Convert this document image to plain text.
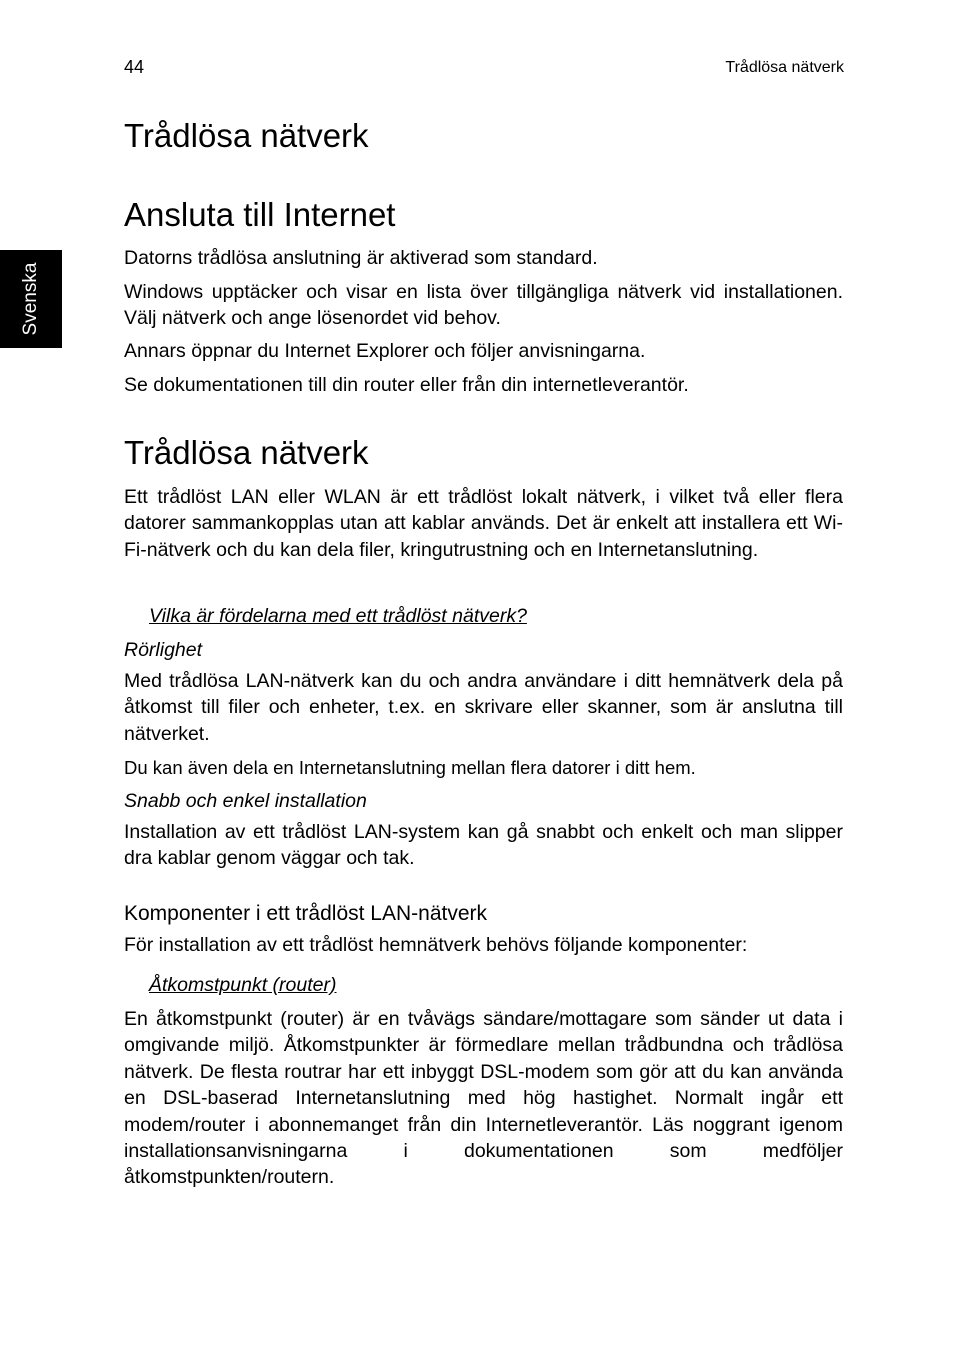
44	Trådlösa nätverk
Svenska
Trådlösa nätverk
Ansluta till Internet

Datorns trådlösa anslutning är aktiverad som standard.

Windows upptäcker och visar en lista över tillgängliga nätverk vid installationen. Välj nätverk och ange lösenordet vid behov.

Annars öppnar du Internet Explorer och följer anvisningarna.

Se dokumentationen till din router eller från din internetleverantör.

Trådlösa nätverk

Ett trådlöst LAN eller WLAN är ett trådlöst lokalt nätverk, i vilket två eller flera datorer sammankopplas utan att kablar används. Det är enkelt att installera ett Wi-Fi-nätverk och du kan dela filer, kringutrustning och en Internetanslutning.

Vilka är fördelarna med ett trådlöst nätverk?
Rörlighet

Med trådlösa LAN-nätverk kan du och andra användare i ditt hemnätverk dela på åtkomst till filer och enheter, t.ex. en skrivare eller skanner, som är anslutna till nätverket.

Du kan även dela en Internetanslutning mellan flera datorer i ditt hem.

Snabb och enkel installation

Installation av ett trådlöst LAN-system kan gå snabbt och enkelt och man slipper dra kablar genom väggar och tak.

Komponenter i ett trådlöst LAN-nätverk

För installation av ett trådlöst hemnätverk behövs följande komponenter:

Åtkomstpunkt (router)

En åtkomstpunkt (router) är en tvåvägs sändare/mottagare som sänder ut data i omgivande miljö. Åtkomstpunkter är förmedlare mellan trådbundna och trådlösa nätverk. De flesta routrar har ett inbyggt DSL-modem som gör att du kan använda en DSL-baserad Internetanslutning med hög hastighet. Normalt ingår ett modem/router i abonnemanget från din Internetleverantör. Läs noggrant igenom installationsanvisningarna i dokumentationen som medföljer åtkomstpunkten/routern.
